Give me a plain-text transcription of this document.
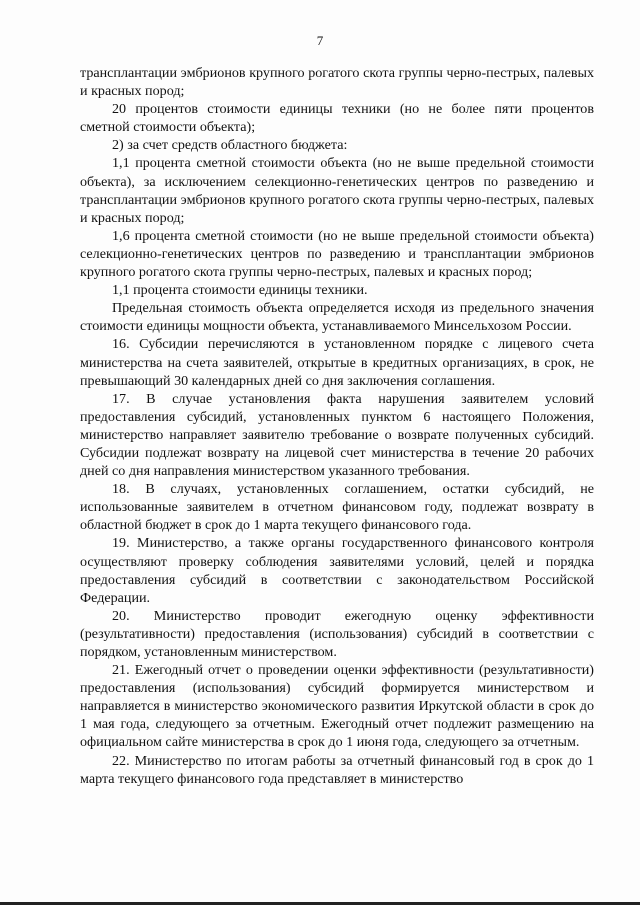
7

трансплантации эмбрионов крупного рогатого скота группы черно-пестрых, палевых и красных пород;

20 процентов стоимости единицы техники (но не более пяти процентов сметной стоимости объекта);

2) за счет средств областного бюджета:

1,1 процента сметной стоимости объекта (но не выше предельной стоимости объекта), за исключением селекционно-генетических центров по разведению и трансплантации эмбрионов крупного рогатого скота группы черно-пестрых, палевых и красных пород;

1,6 процента сметной стоимости (но не выше предельной стоимости объекта) селекционно-генетических центров по разведению и трансплантации эмбрионов крупного рогатого скота группы черно-пестрых, палевых и красных пород;

1,1 процента стоимости единицы техники.

Предельная стоимость объекта определяется исходя из предельного значения стоимости единицы мощности объекта, устанавливаемого Минсельхозом России.

16. Субсидии перечисляются в установленном порядке с лицевого счета министерства на счета заявителей, открытые в кредитных организациях, в срок, не превышающий 30 календарных дней со дня заключения соглашения.

17. В случае установления факта нарушения заявителем условий предоставления субсидий, установленных пунктом 6 настоящего Положения, министерство направляет заявителю требование о возврате полученных субсидий. Субсидии подлежат возврату на лицевой счет министерства в течение 20 рабочих дней со дня направления министерством указанного требования.

18. В случаях, установленных соглашением, остатки субсидий, не использованные заявителем в отчетном финансовом году, подлежат возврату в областной бюджет в срок до 1 марта текущего финансового года.

19. Министерство, а также органы государственного финансового контроля осуществляют проверку соблюдения заявителями условий, целей и порядка предоставления субсидий в соответствии с законодательством Российской Федерации.

20. Министерство проводит ежегодную оценку эффективности (результативности) предоставления (использования) субсидий в соответствии с порядком, установленным министерством.

21. Ежегодный отчет о проведении оценки эффективности (результативности) предоставления (использования) субсидий формируется министерством и направляется в министерство экономического развития Иркутской области в срок до 1 мая года, следующего за отчетным. Ежегодный отчет подлежит размещению на официальном сайте министерства в срок до 1 июня года, следующего за отчетным.

22. Министерство по итогам работы за отчетный финансовый год в срок до 1 марта текущего финансового года представляет в министерство
